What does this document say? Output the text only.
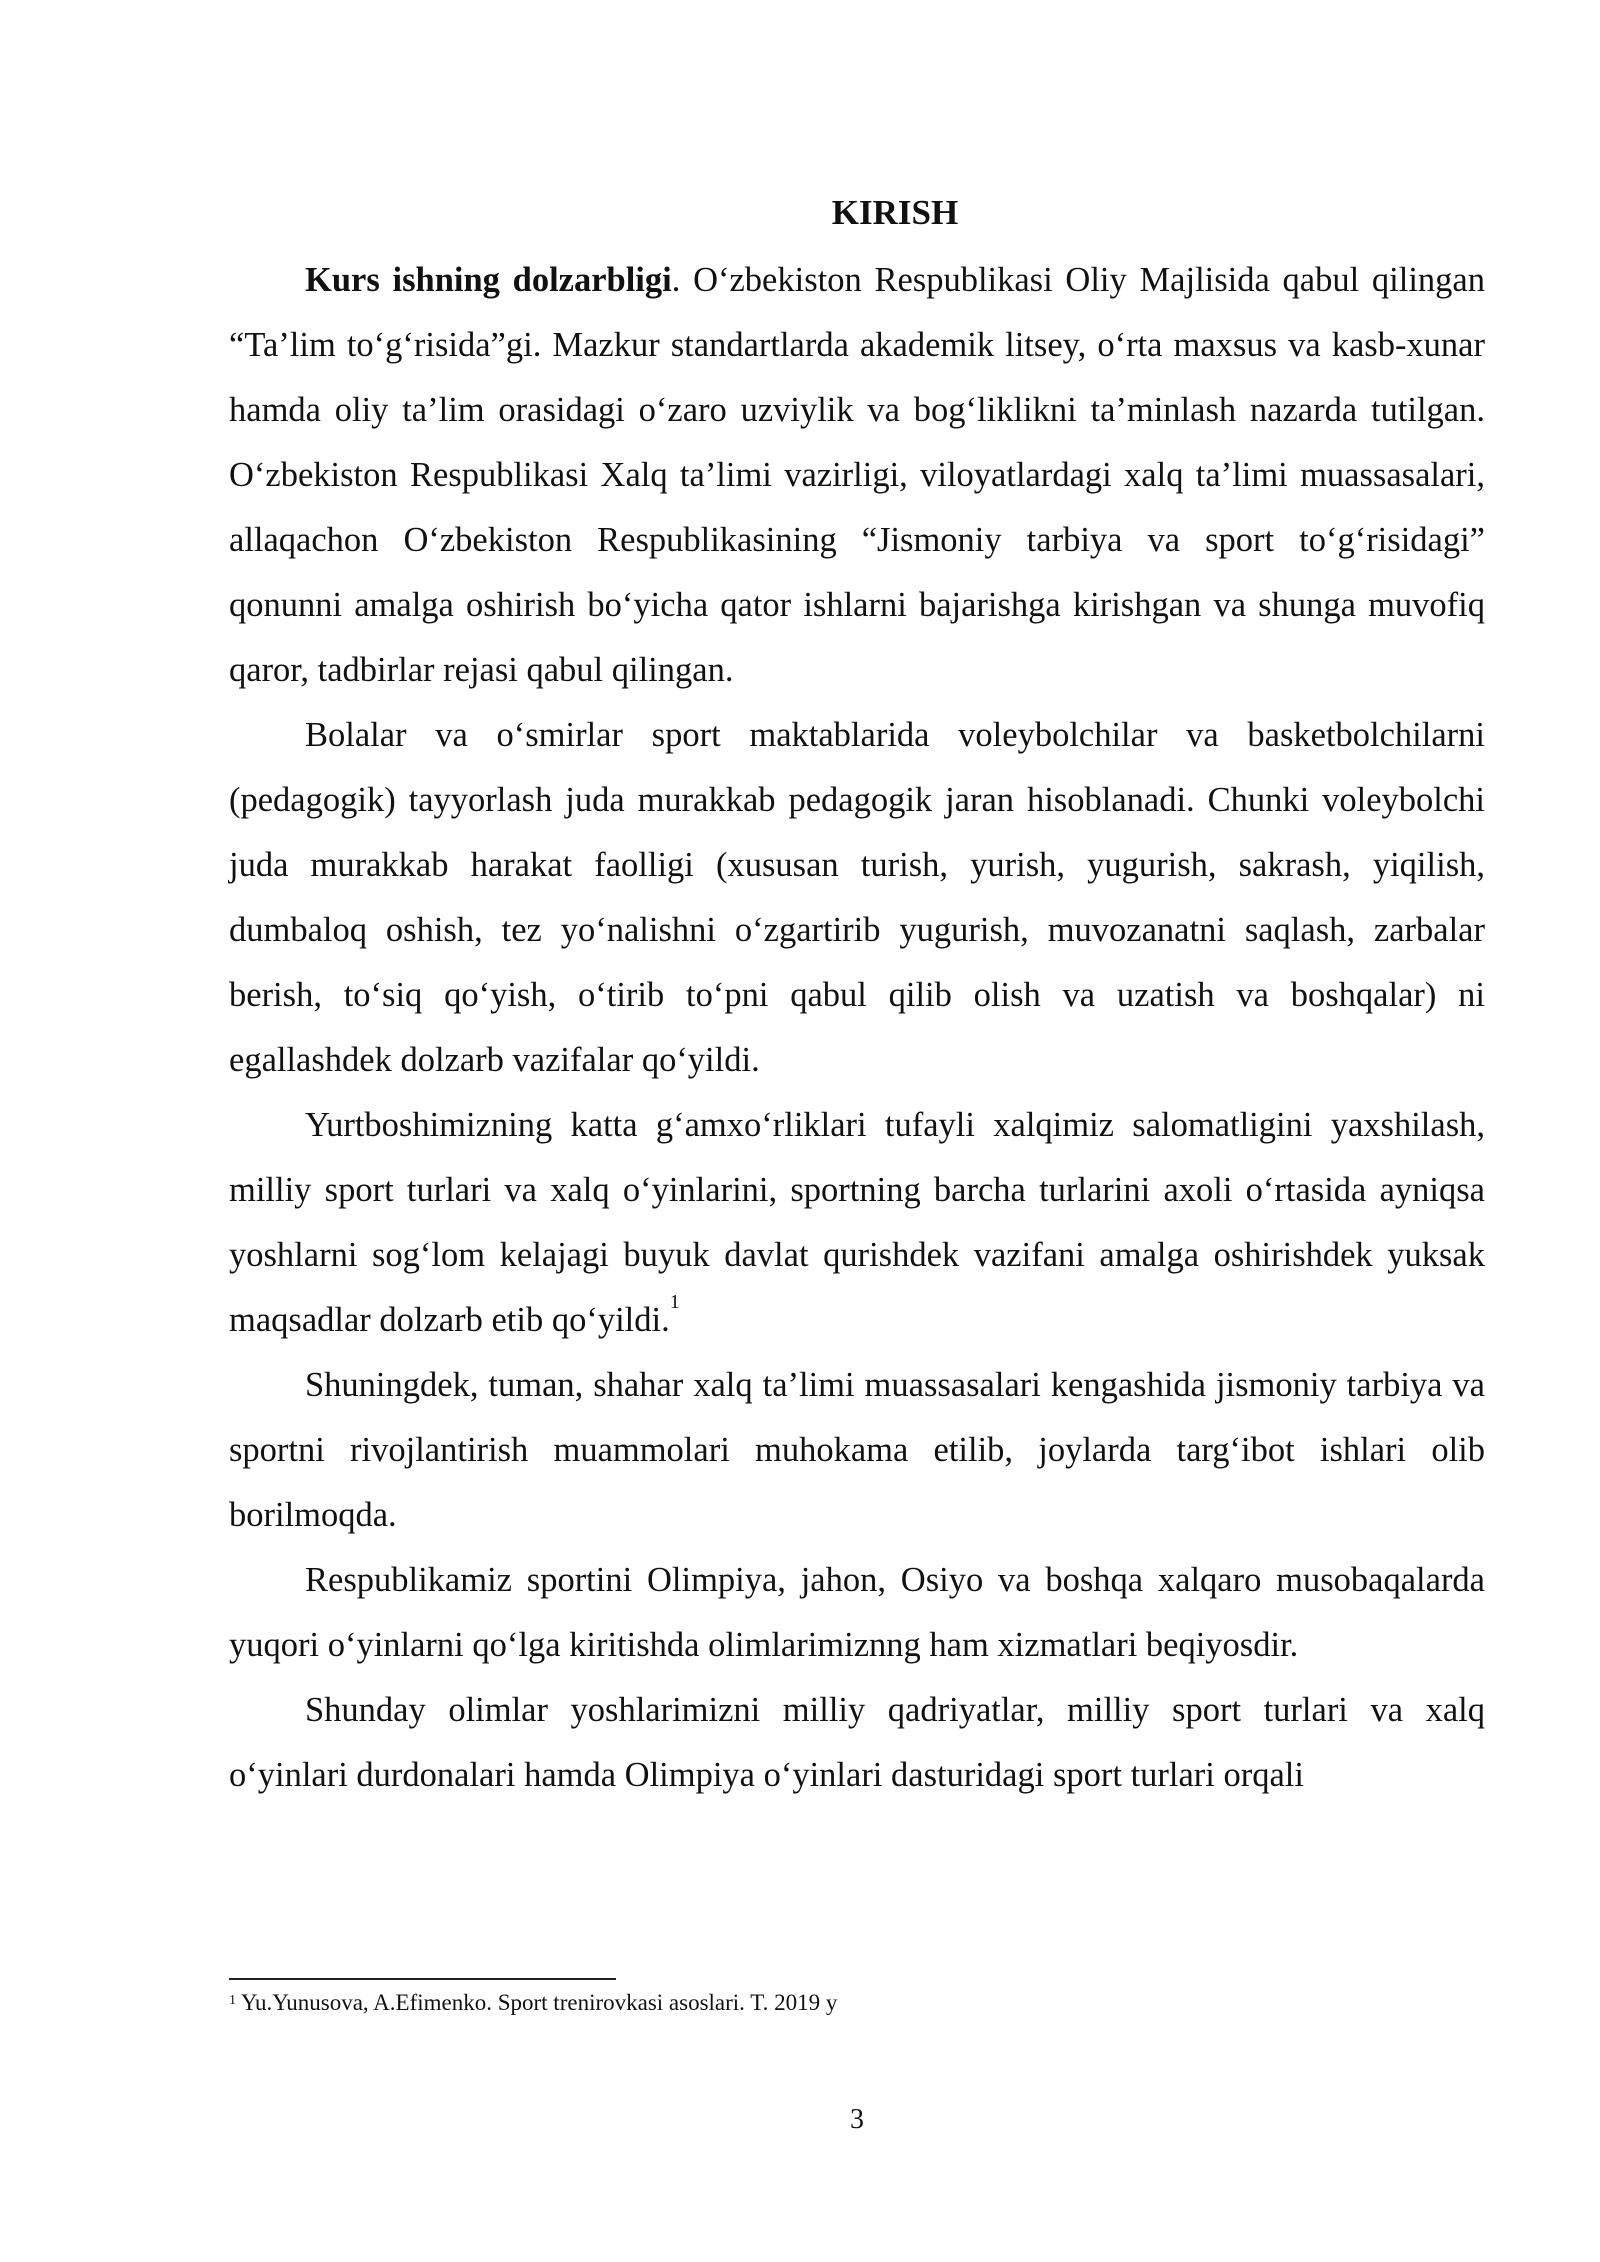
KIRISH

Kurs ishning dolzarbligi. O‘zbekiston Respublikasi Oliy Majlisida qabul qilingan “Ta’lim to‘g‘risida”gi. Mazkur standartlarda akademik litsey, o‘rta maxsus va kasb-xunar hamda oliy ta’lim orasidagi o‘zaro uzviylik va bog‘liklikni ta’minlash nazarda tutilgan. O‘zbekiston Respublikasi Xalq ta’limi vazirligi, viloyatlardagi xalq ta’limi muassasalari, allaqachon O‘zbekiston Respublikasining “Jismoniy tarbiya va sport to‘g‘risidagi” qonunni amalga oshirish bo‘yicha qator ishlarni bajarishga kirishgan va shunga muvofiq qaror, tadbirlar rejasi qabul qilingan.

Bolalar va o‘smirlar sport maktablarida voleybolchilar va basketbolchilarni (pedagogik) tayyorlash juda murakkab pedagogik jaran hisoblanadi. Chunki voleybolchi juda murakkab harakat faolligi (xususan turish, yurish, yugurish, sakrash, yiqilish, dumbaloq oshish, tez yo‘nalishni o‘zgartirib yugurish, muvozanatni saqlash, zarbalar berish, to‘siq qo‘yish, o‘tirib to‘pni qabul qilib olish va uzatish va boshqalar) ni egallashdek dolzarb vazifalar qo‘yildi.

Yurtboshimizning katta g‘amxo‘rliklari tufayli xalqimiz salomatligini yaxshilash, milliy sport turlari va xalq o‘yinlarini, sportning barcha turlarini axoli o‘rtasida ayniqsa yoshlarni sog‘lom kelajagi buyuk davlat qurishdek vazifani amalga oshirishdek yuksak maqsadlar dolzarb etib qo‘yildi.$^1$

Shuningdek, tuman, shahar xalq ta’limi muassasalari kengashida jismoniy tarbiya va sportni rivojlantirish muammolari muhokama etilib, joylarda targ‘ibot ishlari olib borilmoqda.

Respublikamiz sportini Olimpiya, jahon, Osiyo va boshqa xalqaro musobaqalarda yuqori o‘yinlarni qo‘lga kiritishda olimlarimiznng ham xizmatlari beqiyosdir.

Shunday olimlar yoshlarimizni milliy qadriyatlar, milliy sport turlari va xalq o‘yinlari durdonalari hamda Olimpiya o‘yinlari dasturidagi sport turlari orqali

$^1$ Yu.Yunusova, A.Efimenko. Sport trenirovkasi asoslari. T. 2019 y
3
